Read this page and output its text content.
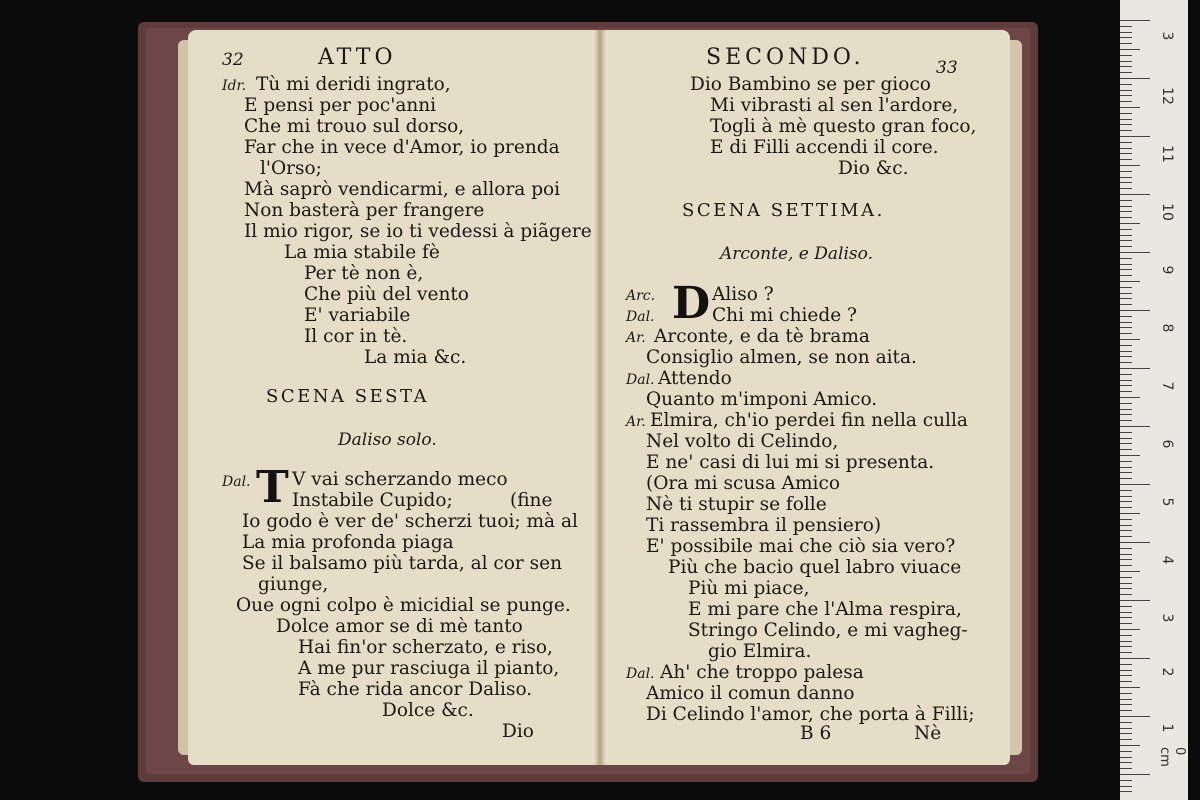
32	ATTO
Idr. Tù mi deridi ingrato,
E pensi per poc'anni
Che mi trouo sul dorso,
Far che in vece d'Amor, io prenda
l'Orso;
Mà saprò vendicarmi, e allora poi
Non basterà per frangere
Il mio rigor, se io ti vedessi à piãgere
La mia stabile fè
Per tè non è,
Che più del vento
E' variabile
Il cor in tè.
La mia &c.
SCENA SESTA
Daliso solo.
Dal. T V vai scherzando meco
Instabile Cupido;	(fine
Io godo è ver de' scherzi tuoi; mà al
La mia profonda piaga
Se il balsamo più tarda, al cor sen
giunge,
Oue ogni colpo è micidial se punge.
Dolce amor se di mè tanto
Hai fin'or scherzato, e riso,
A me pur rasciuga il pianto,
Fà che rida ancor Daliso.
Dolce &c.
Dio
SECONDO.	33
Dio Bambino se per gioco
Mi vibrasti al sen l'ardore,
Togli à mè questo gran foco,
E di Filli accendi il core.
Dio &c.
SCENA SETTIMA.
Arconte, e Daliso.
D
Arc.	Aliso ?
Dal.	Chi mi chiede ?
Ar. Arconte, e da tè brama
Consiglio almen, se non aita.
Dal. Attendo
Quanto m'imponi Amico.
Ar. Elmira, ch'io perdei fin nella culla
Nel volto di Celindo,
E ne' casi di lui mi si presenta.
(Ora mi scusa Amico
Nè ti stupir se folle
Ti rassembra il pensiero)
E' possibile mai che ciò sia vero?
Più che bacio quel labro viuace
Più mi piace,
E mi pare che l'Alma respira,
Stringo Celindo, e mi vagheg-
gio Elmira.
Dal. Ah' che troppo palesa
Amico il comun danno
Di Celindo l'amor, che porta à Filli;
B 6	Nè
3
12
11
10
9
8
7
6
5
4
3
2
1
0 cm
